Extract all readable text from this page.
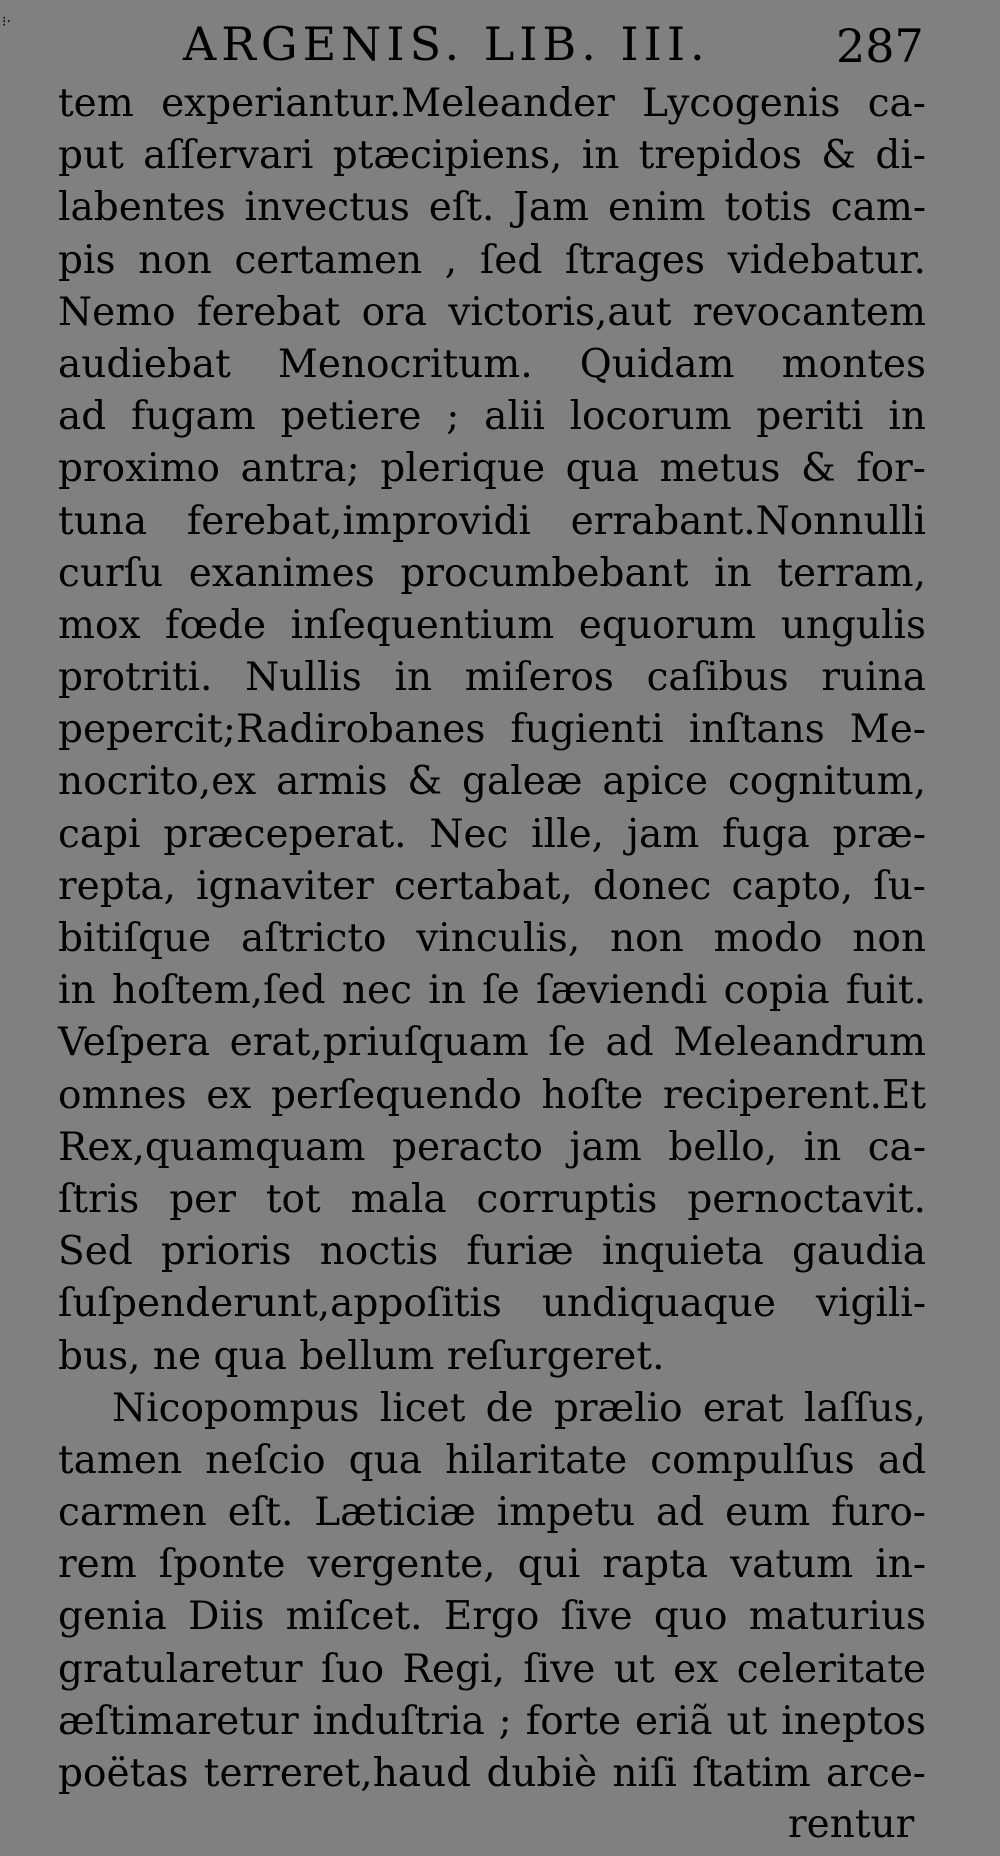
⁝·	ARGENIS. LIB. III.	287
tem experiantur.Meleander Lycogenis ca-
put aſſervari ptæcipiens, in trepidos & di-
labentes invectus eſt. Jam enim totis cam-
pis non certamen , ſed ſtrages videbatur.
Nemo ferebat ora victoris,aut revocantem
audiebat Menocritum. Quidam montes
ad fugam petiere ; alii locorum periti in
proximo antra; plerique qua metus & for-
tuna ferebat,improvidi errabant.Nonnulli
curſu exanimes procumbebant in terram,
mox fœde inſequentium equorum ungulis
protriti. Nullis in miſeros caſibus ruina
pepercit;Radirobanes fugienti inſtans Me-
nocrito,ex armis & galeæ apice cognitum,
capi præceperat. Nec ille, jam fuga præ-
repta, ignaviter certabat, donec capto, ſu-
bitiſque aſtricto vinculis, non modo non
in hoſtem,ſed nec in ſe ſæviendi copia fuit.
Veſpera erat,priuſquam ſe ad Meleandrum
omnes ex perſequendo hoſte reciperent.Et
Rex,quamquam peracto jam bello, in ca-
ſtris per tot mala corruptis pernoctavit.
Sed prioris noctis furiæ inquieta gaudia
ſuſpenderunt,appoſitis undiquaque vigili-
bus, ne qua bellum reſurgeret.
Nicopompus licet de prælio erat laſſus,
tamen neſcio qua hilaritate compulſus ad
carmen eſt. Læticiæ impetu ad eum furo-
rem ſponte vergente, qui rapta vatum in-
genia Diis miſcet. Ergo ſive quo maturius
gratularetur ſuo Regi, ſive ut ex celeritate
æſtimaretur induſtria ; forte eriã ut ineptos
poëtas terreret,haud dubiè niſi ſtatim arce-
rentur
